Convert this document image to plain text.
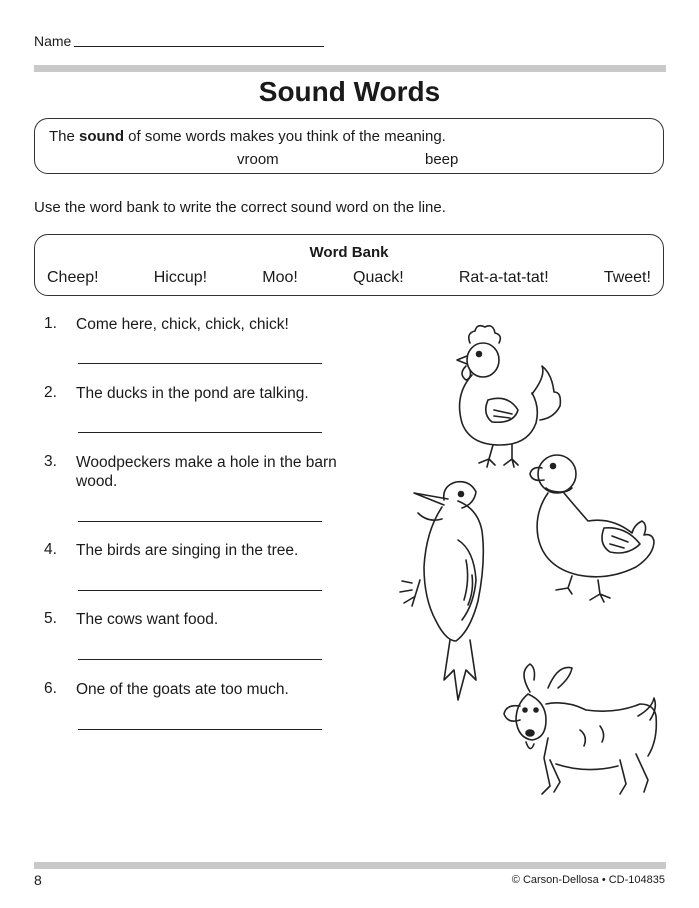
Name
Sound Words
The sound of some words makes you think of the meaning.
vroom	beep
Use the word bank to write the correct sound word on the line.
Word Bank
Cheep!	Hiccup!	Moo!	Quack!	Rat-a-tat-tat!	Tweet!
1. Come here, chick, chick, chick!
2. The ducks in the pond are talking.
3. Woodpeckers make a hole in the barn wood.
4. The birds are singing in the tree.
5. The cows want food.
6. One of the goats ate too much.
8	© Carson-Dellosa • CD-104835
